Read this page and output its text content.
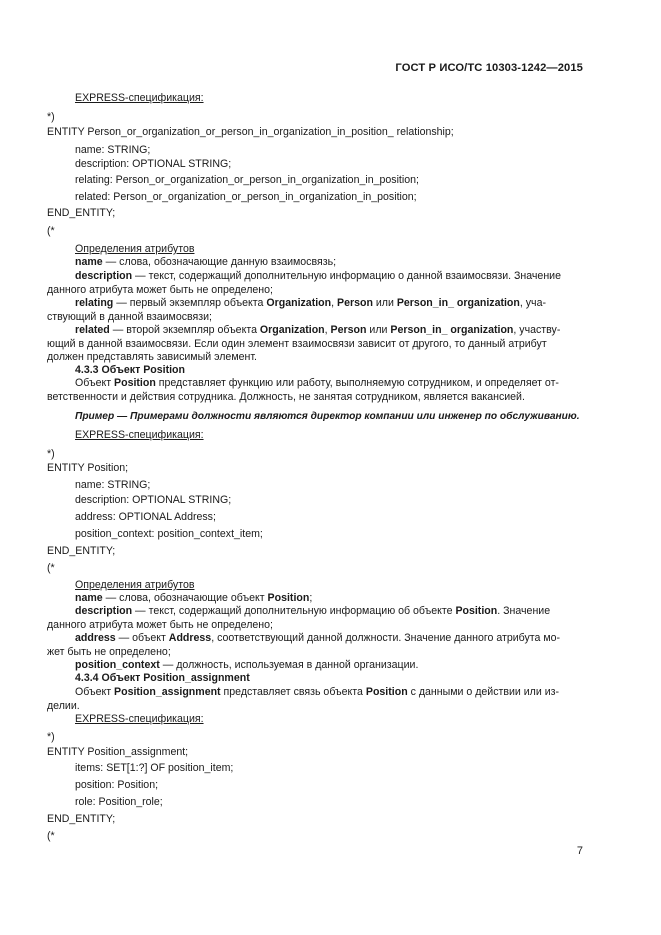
ГОСТ Р ИСО/ТС 10303-1242—2015
EXPRESS-спецификация:
*)
ENTITY Person_or_organization_or_person_in_organization_in_position_ relationship;
name: STRING;
description: OPTIONAL STRING;
relating: Person_or_organization_or_person_in_organization_in_position;
related: Person_or_organization_or_person_in_organization_in_position;
END_ENTITY;
(*
Определения атрибутов
name — слова, обозначающие данную взаимосвязь;
description — текст, содержащий дополнительную информацию о данной взаимосвязи. Значение
данного атрибута может быть не определено;
relating — первый экземпляр объекта Organization, Person или Person_in_ organization, уча-
ствующий в данной взаимосвязи;
related — второй экземпляр объекта Organization, Person или Person_in_ organization, участву-
ющий в данной взаимосвязи. Если один элемент взаимосвязи зависит от другого, то данный атрибут
должен представлять зависимый элемент.
4.3.3 Объект Position
Объект Position представляет функцию или работу, выполняемую сотрудником, и определяет от-
ветственности и действия сотрудника. Должность, не занятая сотрудником, является вакансией.
Пример — Примерами должности являются директор компании или инженер по обслуживанию.
EXPRESS-спецификация:
*)
ENTITY Position;
name: STRING;
description: OPTIONAL STRING;
address: OPTIONAL Address;
position_context: position_context_item;
END_ENTITY;
(*
Определения атрибутов
name — слова, обозначающие объект Position;
description — текст, содержащий дополнительную информацию об объекте Position. Значение
данного атрибута может быть не определено;
address — объект Address, соответствующий данной должности. Значение данного атрибута мо-
жет быть не определено;
position_context — должность, используемая в данной организации.
4.3.4 Объект Position_assignment
Объект Position_assignment представляет связь объекта Position с данными о действии или из-
делии.
EXPRESS-спецификация:
*)
ENTITY Position_assignment;
items: SET[1:?] OF position_item;
position: Position;
role: Position_role;
END_ENTITY;
(*
7
